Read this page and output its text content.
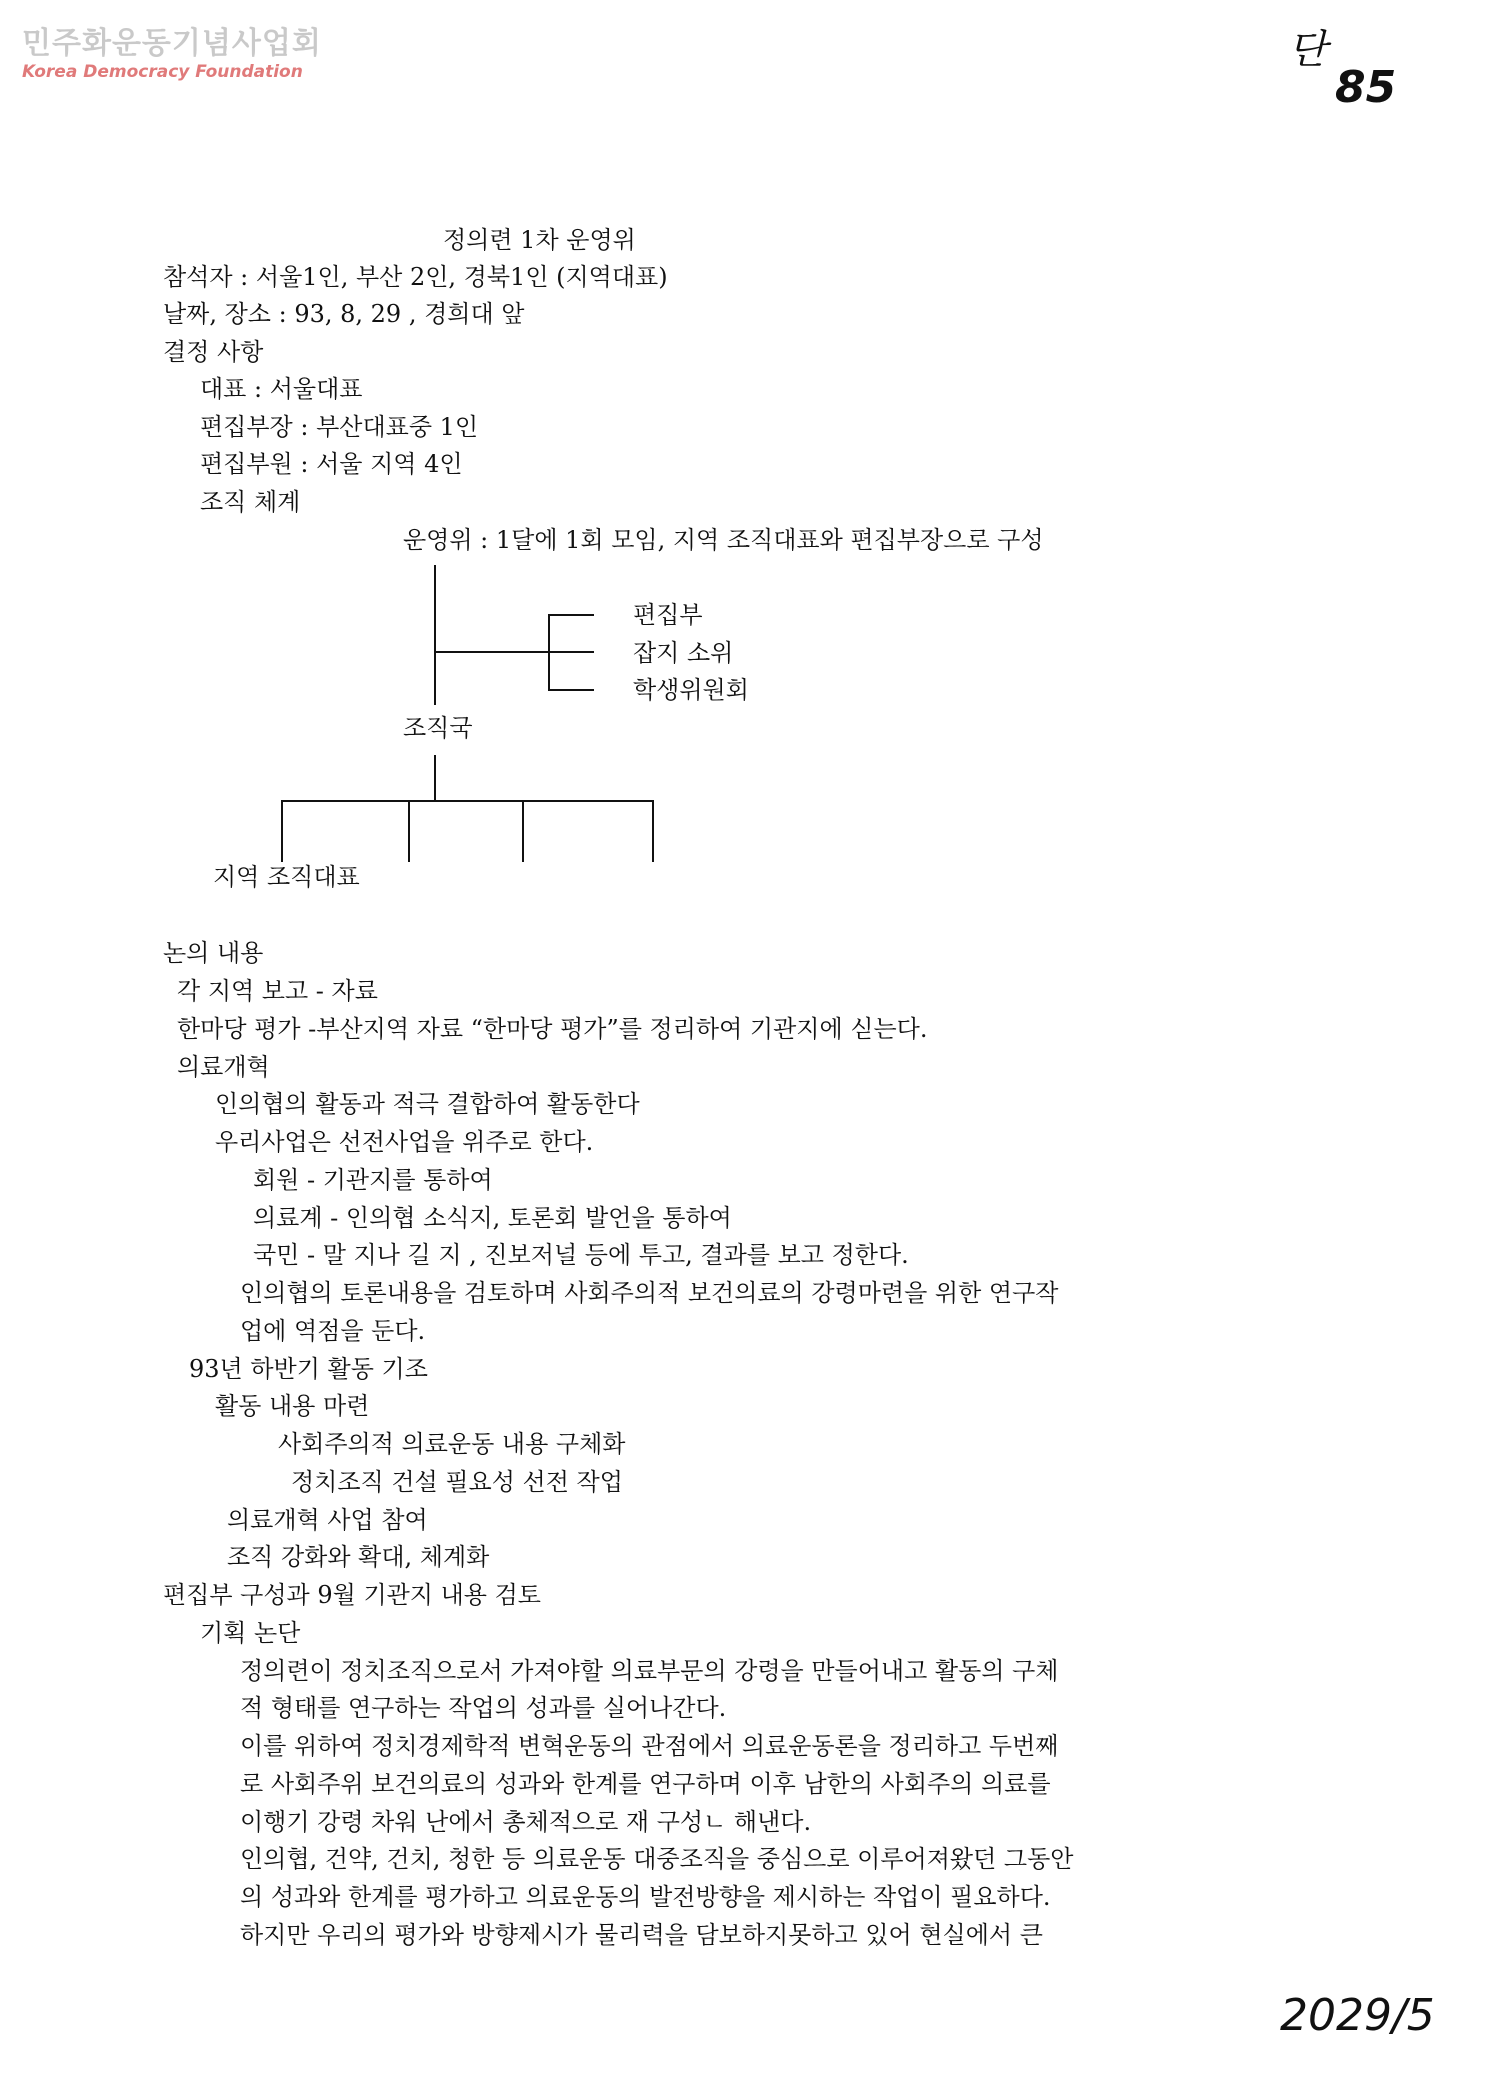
민주화운동기념사업회
Korea Democracy Foundation	단
85
2029/5
정의련 1차 운영위
참석자 : 서울1인, 부산 2인, 경북1인 (지역대표)
날짜, 장소 : 93, 8, 29 , 경희대 앞
결정 사항
대표 : 서울대표
편집부장 : 부산대표중 1인
편집부원 : 서울 지역 4인
조직 체계
운영위 : 1달에 1회 모임, 지역 조직대표와 편집부장으로 구성
편집부
잡지 소위
학생위원회
조직국
지역 조직대표
논의 내용
각 지역 보고 - 자료
한마당 평가 -부산지역 자료 “한마당 평가”를 정리하여 기관지에 싣는다.
의료개혁
인의협의 활동과 적극 결합하여 활동한다
우리사업은 선전사업을 위주로 한다.
회원 - 기관지를 통하여
의료계 - 인의협 소식지, 토론회 발언을 통하여
국민 - 말 지나 길 지 , 진보저널 등에 투고, 결과를 보고 정한다.
인의협의 토론내용을 검토하며 사회주의적 보건의료의 강령마련을 위한 연구작
업에 역점을 둔다.
93년 하반기 활동 기조
활동 내용 마련
사회주의적 의료운동 내용 구체화
정치조직 건설 필요성 선전 작업
의료개혁 사업 참여
조직 강화와 확대, 체계화
편집부 구성과 9월 기관지 내용 검토
기획 논단
정의련이 정치조직으로서 가져야할 의료부문의 강령을 만들어내고 활동의 구체
적 형태를 연구하는 작업의 성과를 실어나간다.
이를 위하여 정치경제학적 변혁운동의 관점에서 의료운동론을 정리하고 두번째
로 사회주위 보건의료의 성과와 한계를 연구하며 이후 남한의 사회주의 의료를
이행기 강령 차워 난에서 총체적으로 재 구성ㄴ 해낸다.
인의협, 건약, 건치, 청한 등 의료운동 대중조직을 중심으로 이루어져왔던 그동안
의 성과와 한계를 평가하고 의료운동의 발전방향을 제시하는 작업이 필요하다.
하지만 우리의 평가와 방향제시가 물리력을 담보하지못하고 있어 현실에서 큰
